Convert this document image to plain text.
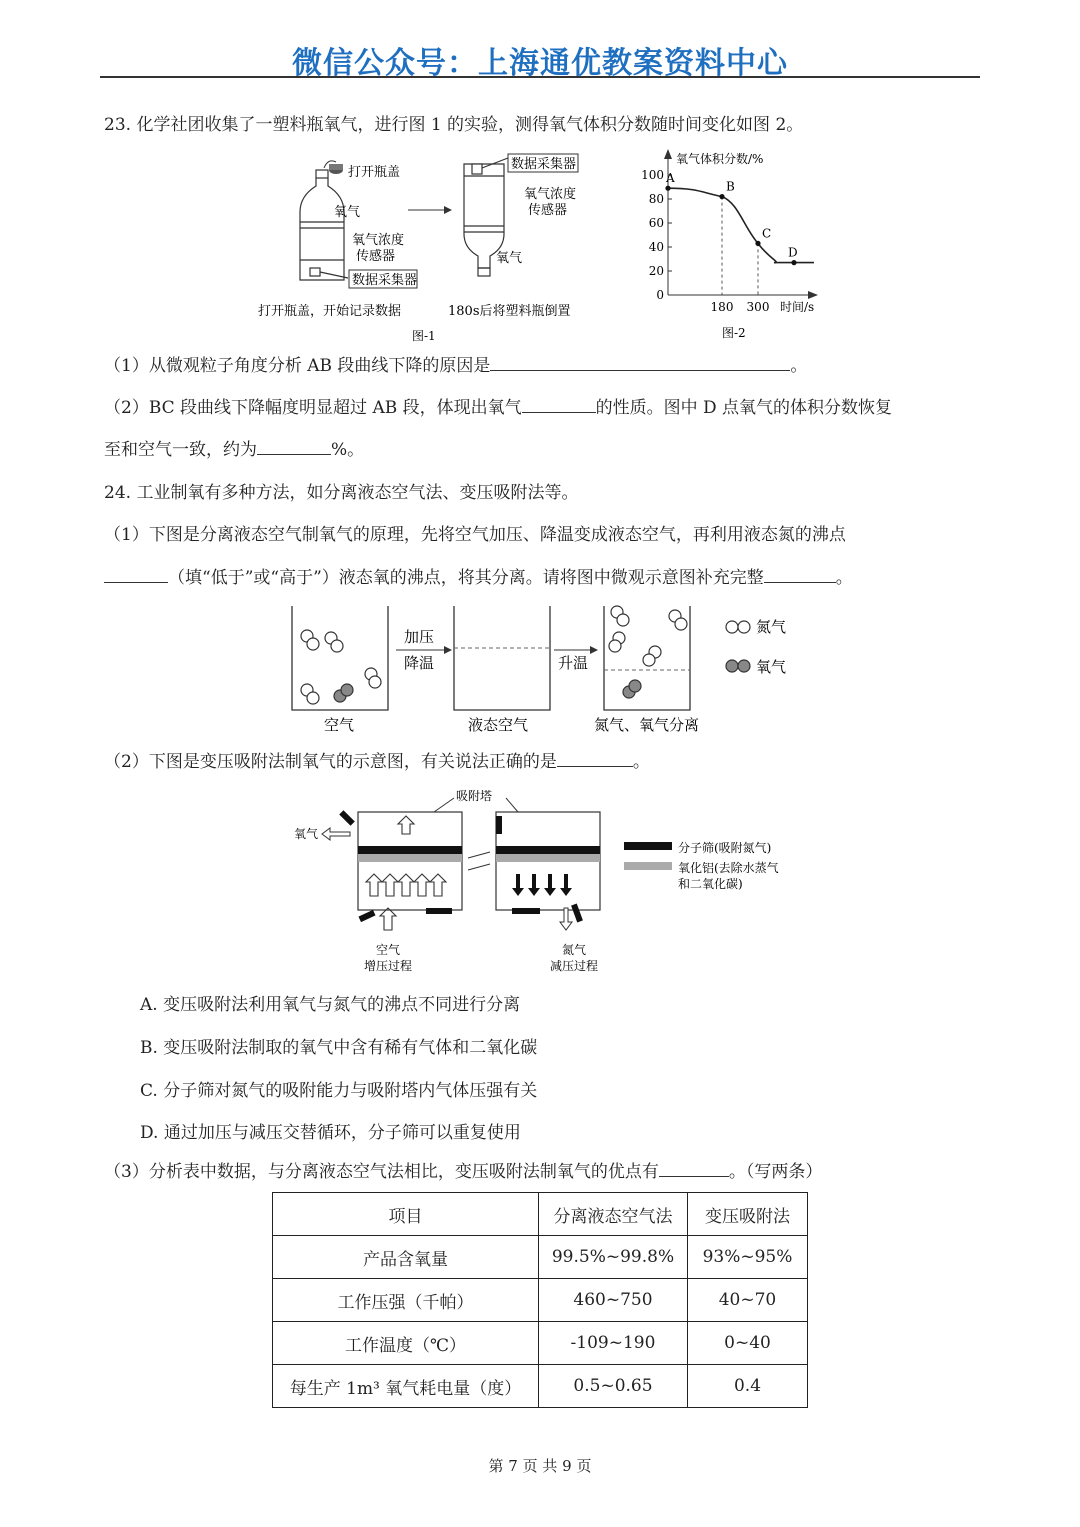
微信公众号：上海通优教案资料中心
23. 化学社团收集了一塑料瓶氧气，进行图 1 的实验，测得氧气体积分数随时间变化如图 2。
打开瓶盖
氧气
氧气浓度
传感器
数据采集器
数据采集器
氧气浓度
传感器
氧气
打开瓶盖，开始记录数据	180s后将塑料瓶倒置
图-1
氧气体积分数/%
时间/s
图-2
100
80
60
40
20
0
180 300
A
B
C
D
（1）从微观粒子角度分析 AB 段曲线下降的原因是	。
（2）BC 段曲线下降幅度明显超过 AB 段，体现出氧气	的性质。图中 D 点氧气的体积分数恢复
至和空气一致，约为	%。
24. 工业制氧有多种方法，如分离液态空气法、变压吸附法等。
（1）下图是分离液态空气制氧气的原理，先将空气加压、降温变成液态空气，再利用液态氮的沸点
（填“低于”或“高于”）液态氧的沸点，将其分离。请将图中微观示意图补充完整	。
空气
加压
降温
液态空气
升温
氮气、氧气分离
氮气
氧气
（2）下图是变压吸附法制氧气的示意图，有关说法正确的是	。
吸附塔
氧气
空气
增压过程
氮气
减压过程
分子筛(吸附氮气)
氧化铝(去除水蒸气
和二氧化碳)
A. 变压吸附法利用氧气与氮气的沸点不同进行分离
B. 变压吸附法制取的氧气中含有稀有气体和二氧化碳
C. 分子筛对氮气的吸附能力与吸附塔内气体压强有关
D. 通过加压与减压交替循环，分子筛可以重复使用
（3）分析表中数据，与分离液态空气法相比，变压吸附法制氧气的优点有	。（写两条）
项目	分离液态空气法	变压吸附法
产品含氧量	99.5%~99.8%	93%~95%
工作压强（千帕）	460~750	40~70
工作温度（℃）	-109~190	0~40
每生产 1m³ 氧气耗电量（度）	0.5~0.65	0.4
第 7 页 共 9 页
